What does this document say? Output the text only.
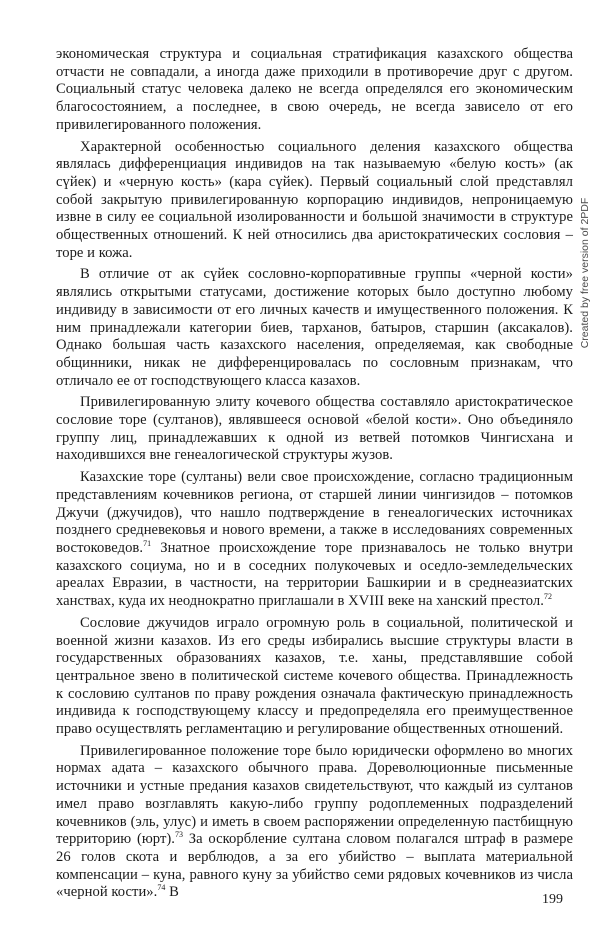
экономическая структура и социальная стратификация казахского общества отчасти не совпадали, а иногда даже приходили в противоречие друг с другом. Социальный статус человека далеко не всегда определялся его экономическим благосостоянием, а последнее, в свою очередь, не всегда зависело от его привилегированного положения.

Характерной особенностью социального деления казахского общества являлась дифференциация индивидов на так называемую «белую кость» (ак сүйек) и «черную кость» (кара сүйек). Первый социальный слой представлял собой закрытую привилегированную корпорацию индивидов, непроницаемую извне в силу ее социальной изолированности и большой значимости в структуре общественных отношений. К ней относились два аристократических сословия – торе и кожа.

В отличие от ак сүйек сословно-корпоративные группы «черной кости» являлись открытыми статусами, достижение которых было доступно любому индивиду в зависимости от его личных качеств и имущественного положения. К ним принадлежали категории биев, тарханов, батыров, старшин (аксакалов). Однако большая часть казахского населения, определяемая, как свободные общинники, никак не дифференцировалась по сословным признакам, что отличало ее от господствующего класса казахов.

Привилегированную элиту кочевого общества составляло аристократическое сословие торе (султанов), являвшееся основой «белой кости». Оно объединяло группу лиц, принадлежавших к одной из ветвей потомков Чингисхана и находившихся вне генеалогической структуры жузов.

Казахские торе (султаны) вели свое происхождение, согласно традиционным представлениям кочевников региона, от старшей линии чингизидов – потомков Джучи (джучидов), что нашло подтверждение в генеалогических источниках позднего средневековья и нового времени, а также в исследованиях современных востоковедов.$^{71}$ Знатное происхождение торе признавалось не только внутри казахского социума, но и в соседних полукочевых и оседло-земледельческих ареалах Евразии, в частности, на территории Башкирии и в среднеазиатских ханствах, куда их неоднократно приглашали в XVIII веке на ханский престол.$^{72}$

Сословие джучидов играло огромную роль в социальной, политической и военной жизни казахов. Из его среды избирались высшие структуры власти в государственных образованиях казахов, т.е. ханы, представлявшие собой центральное звено в политической системе кочевого общества. Принадлежность к сословию султанов по праву рождения означала фактическую принадлежность индивида к господствующему классу и предопределяла его преимущественное право осуществлять регламентацию и регулирование общественных отношений.

Привилегированное положение торе было юридически оформлено во многих нормах адата – казахского обычного права. Дореволюционные письменные источники и устные предания казахов свидетельствуют, что каждый из султанов имел право возглавлять какую-либо группу родоплеменных подразделений кочевников (эль, улус) и иметь в своем распоряжении определенную пастбищную территорию (юрт).$^{73}$ За оскорбление султана словом полагался штраф в размере 26 голов скота и верблюдов, а за его убийство – выплата материальной компенсации – куна, равного куну за убийство семи рядовых кочевников из числа «черной кости».$^{74}$ В

Created by free version of 2PDF
199
